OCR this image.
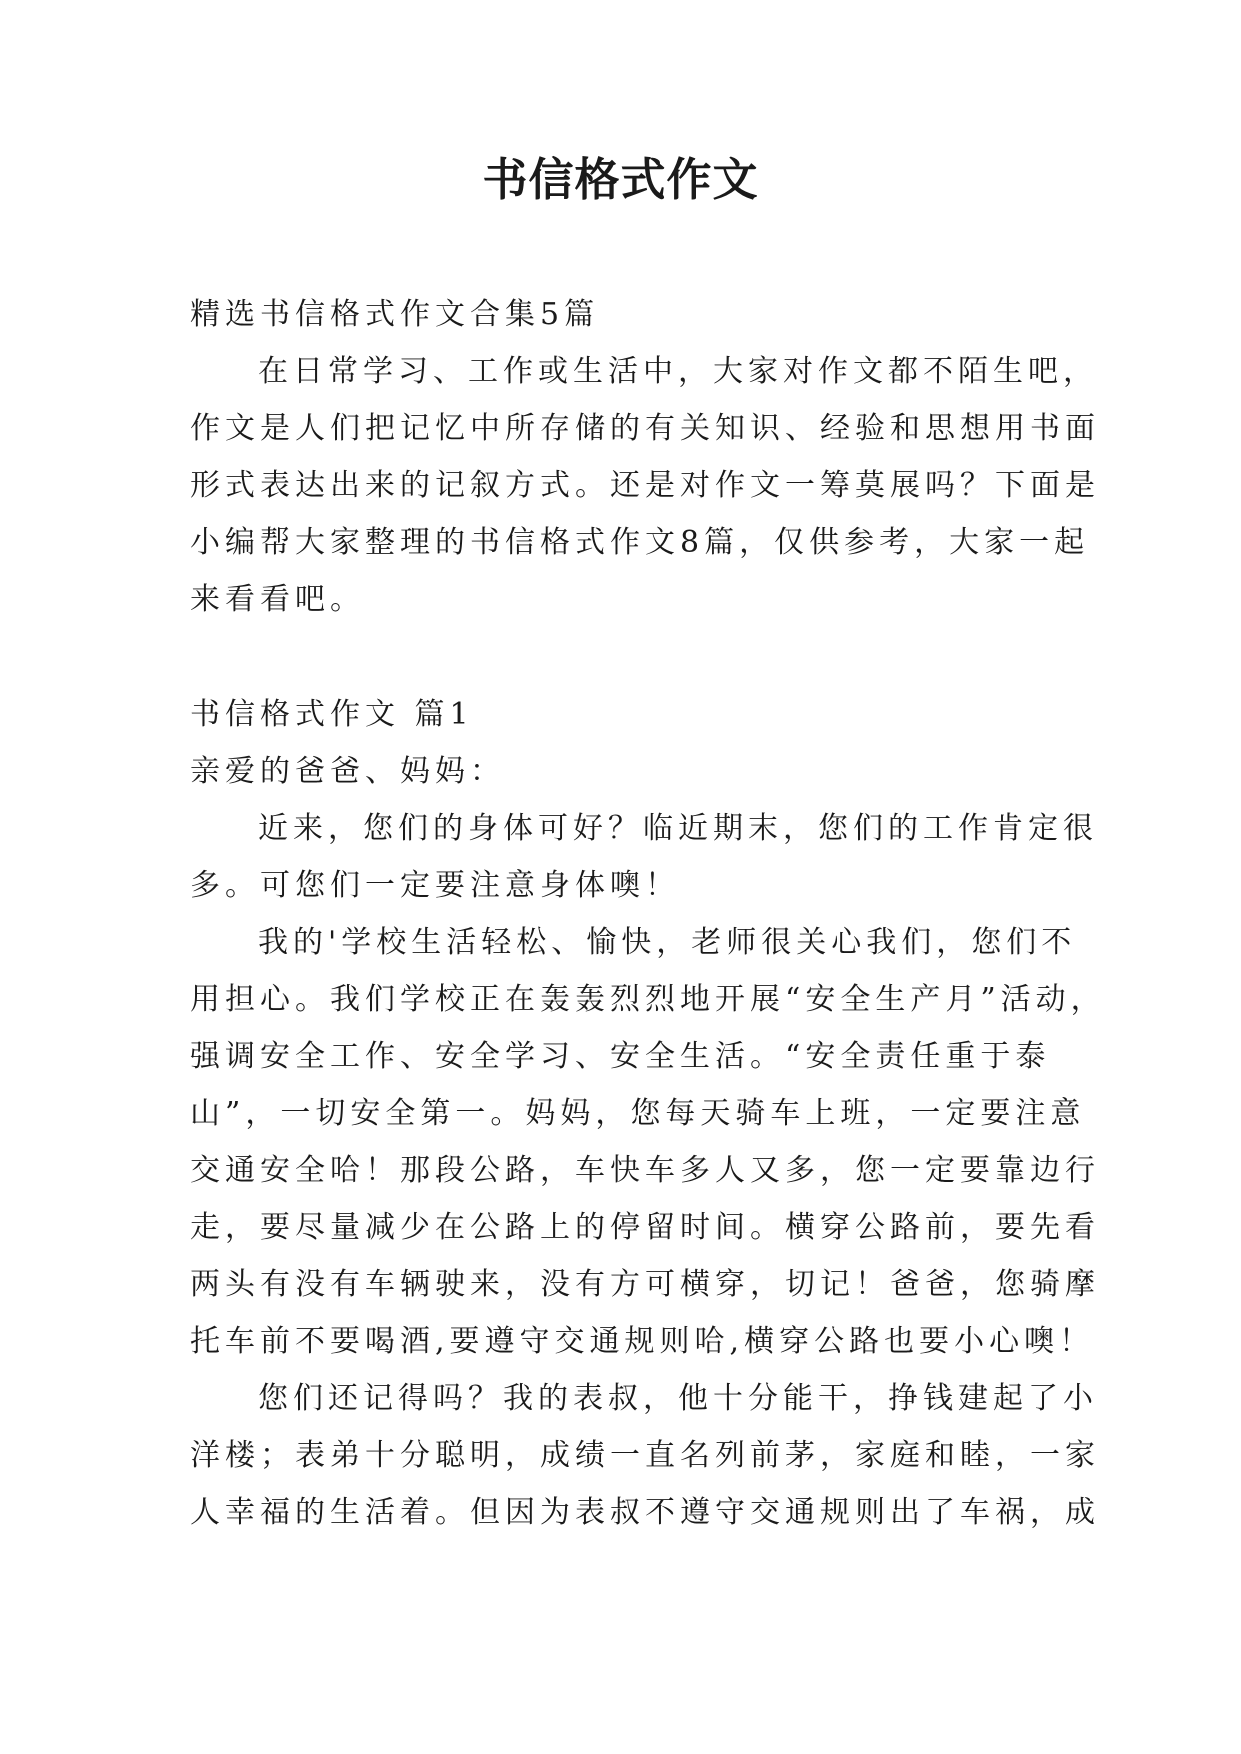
书信格式作文

精选书信格式作文合集5篇

在日常学习、工作或生活中，大家对作文都不陌生吧，

作文是人们把记忆中所存储的有关知识、经验和思想用书面

形式表达出来的记叙方式。还是对作文一筹莫展吗？下面是

小编帮大家整理的书信格式作文8篇，仅供参考，大家一起

来看看吧。

书信格式作文 篇1

亲爱的爸爸、妈妈：

近来，您们的身体可好？临近期末，您们的工作肯定很

多。可您们一定要注意身体噢！

我的'学校生活轻松、愉快，老师很关心我们，您们不

用担心。我们学校正在轰轰烈烈地开展“安全生产月”活动，

强调安全工作、安全学习、安全生活。“安全责任重于泰

山”，一切安全第一。妈妈，您每天骑车上班，一定要注意

交通安全哈！那段公路，车快车多人又多，您一定要靠边行

走，要尽量减少在公路上的停留时间。横穿公路前，要先看

两头有没有车辆驶来，没有方可横穿，切记！爸爸，您骑摩

托车前不要喝酒,要遵守交通规则哈,横穿公路也要小心噢！

您们还记得吗？我的表叔，他十分能干，挣钱建起了小

洋楼；表弟十分聪明，成绩一直名列前茅，家庭和睦，一家

人幸福的生活着。但因为表叔不遵守交通规则出了车祸，成
